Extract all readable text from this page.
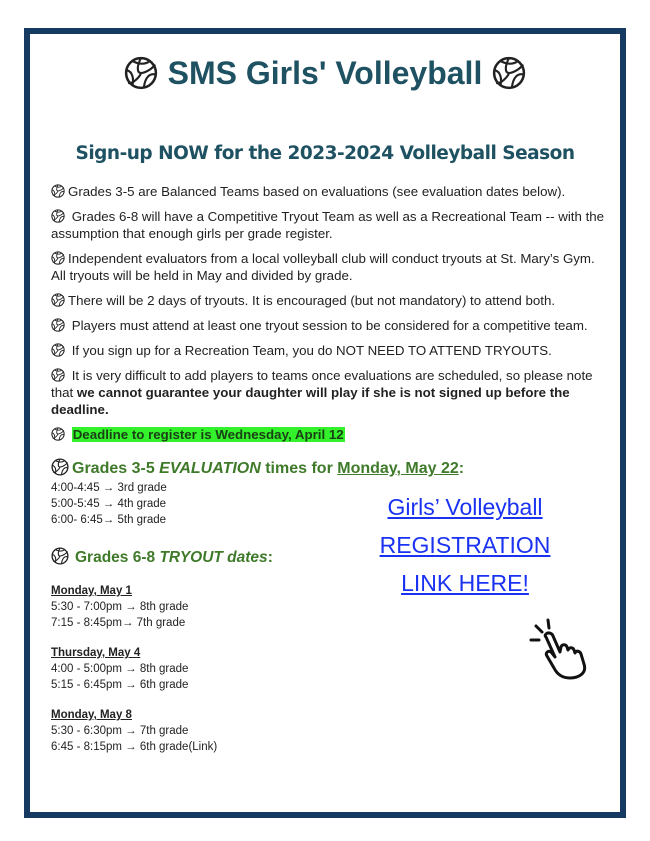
SMS Girls' Volleyball
Sign-up NOW for the 2023-2024 Volleyball Season
Grades 3-5 are Balanced Teams based on evaluations (see evaluation dates below).
Grades 6-8 will have a Competitive Tryout Team as well as a Recreational Team -- with the assumption that enough girls per grade register.
Independent evaluators from a local volleyball club will conduct tryouts at St. Mary’s Gym. All tryouts will be held in May and divided by grade.
There will be 2 days of tryouts. It is encouraged (but not mandatory) to attend both.
Players must attend at least one tryout session to be considered for a competitive team.
If you sign up for a Recreation Team, you do NOT NEED TO ATTEND TRYOUTS.
It is very difficult to add players to teams once evaluations are scheduled, so please note that we cannot guarantee your daughter will play if she is not signed up before the deadline.
Deadline to register is Wednesday, April 12
Grades 3-5 EVALUATION times for Monday, May 22:
4:00-4:45 → 3rd grade
5:00-5:45 → 4th grade
6:00- 6:45→ 5th grade
Grades 6-8 TRYOUT dates:
Monday, May 1
5:30 - 7:00pm → 8th grade
7:15 - 8:45pm→ 7th grade
Thursday, May 4
4:00 - 5:00pm → 8th grade
5:15 - 6:45pm → 6th grade
Monday, May 8
5:30 - 6:30pm → 7th grade
6:45 - 8:15pm → 6th grade(Link)
Girls’ Volleyball
REGISTRATION
LINK HERE!
